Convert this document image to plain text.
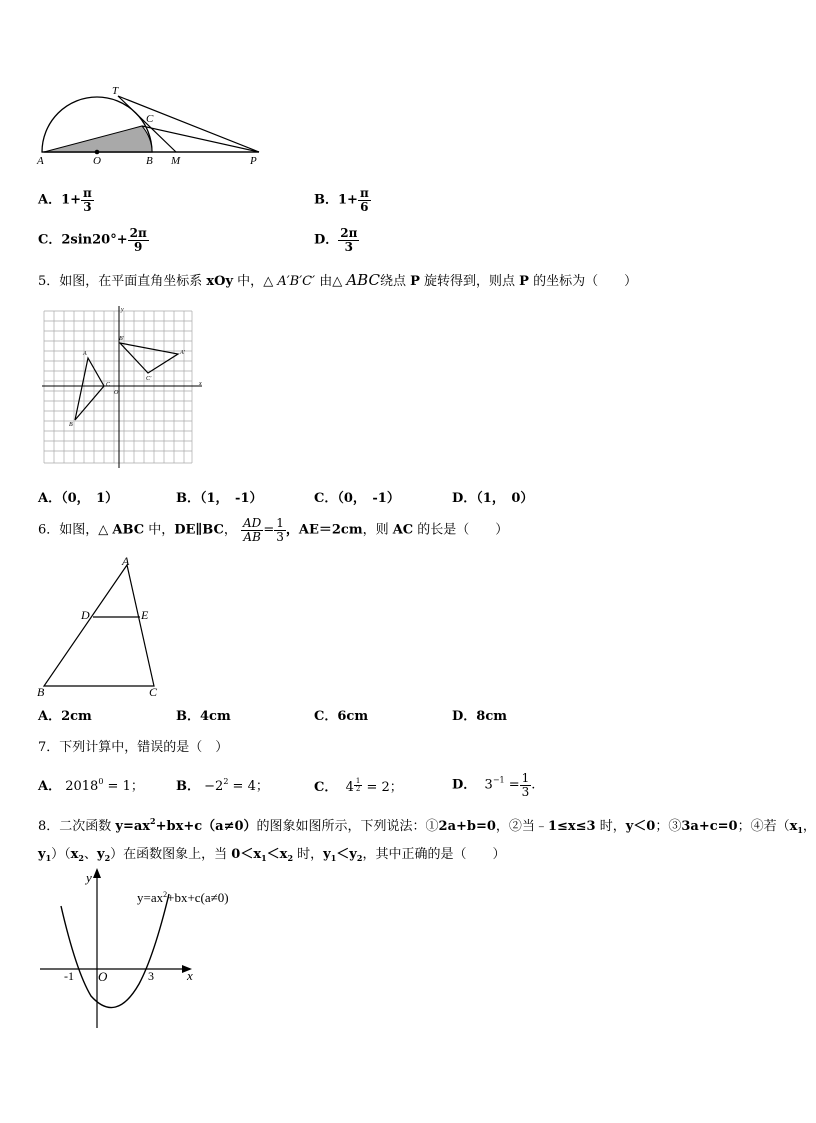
T
C
A	O	B M	P
A．$1+ \frac{\pi}{3}$	B．$1+ \frac{\pi}{6}$
C．$2\sin 20^\circ+ \frac{2\pi}{9}$	D． $\frac{2\pi}{3}$
5．如图，在平面直角坐标系 xOy 中，△ A′B′C′ 由△ ABC绕点 P 旋转得到，则点 P 的坐标为（　　）
A
B
C
O
A'
B'
C'
x
y
A．（0，　1）	B．（1，　-1）	C．（0，　-1）	D．（1，　0）
6．如图，△ ABC 中，DE∥BC， $\frac{AD}{AB} = \frac{1}{3}$ ，AE＝2cm，则 AC 的长是（　　）
A
D	E
B	C
A．2cm	B．4cm	C．6cm	D．8cm
7．下列计算中，错误的是（　）
A． $2018^0 = 1$； B． $-2^2 = 4$；	C． $4 \frac{1}{2} = 2$；	D． $3^{-1} = \frac{1}{3}$ .
8．二次函数 $y=ax^2+bx+c(a\ne 0)$的图象如图所示，下列说法：①2a+b=0，②当﹣1≤x≤3 时，y＜0；③3a+c=0；④若（$x_1$，
$y_1)(x_2$、$y_2$）在函数图象上，当 $0<x_1<x_2$ 时，$y_1<y_2$，其中正确的是（　　）
y
x
O
-1	3
$y=ax^2+bx+c(a\ne 0)$
